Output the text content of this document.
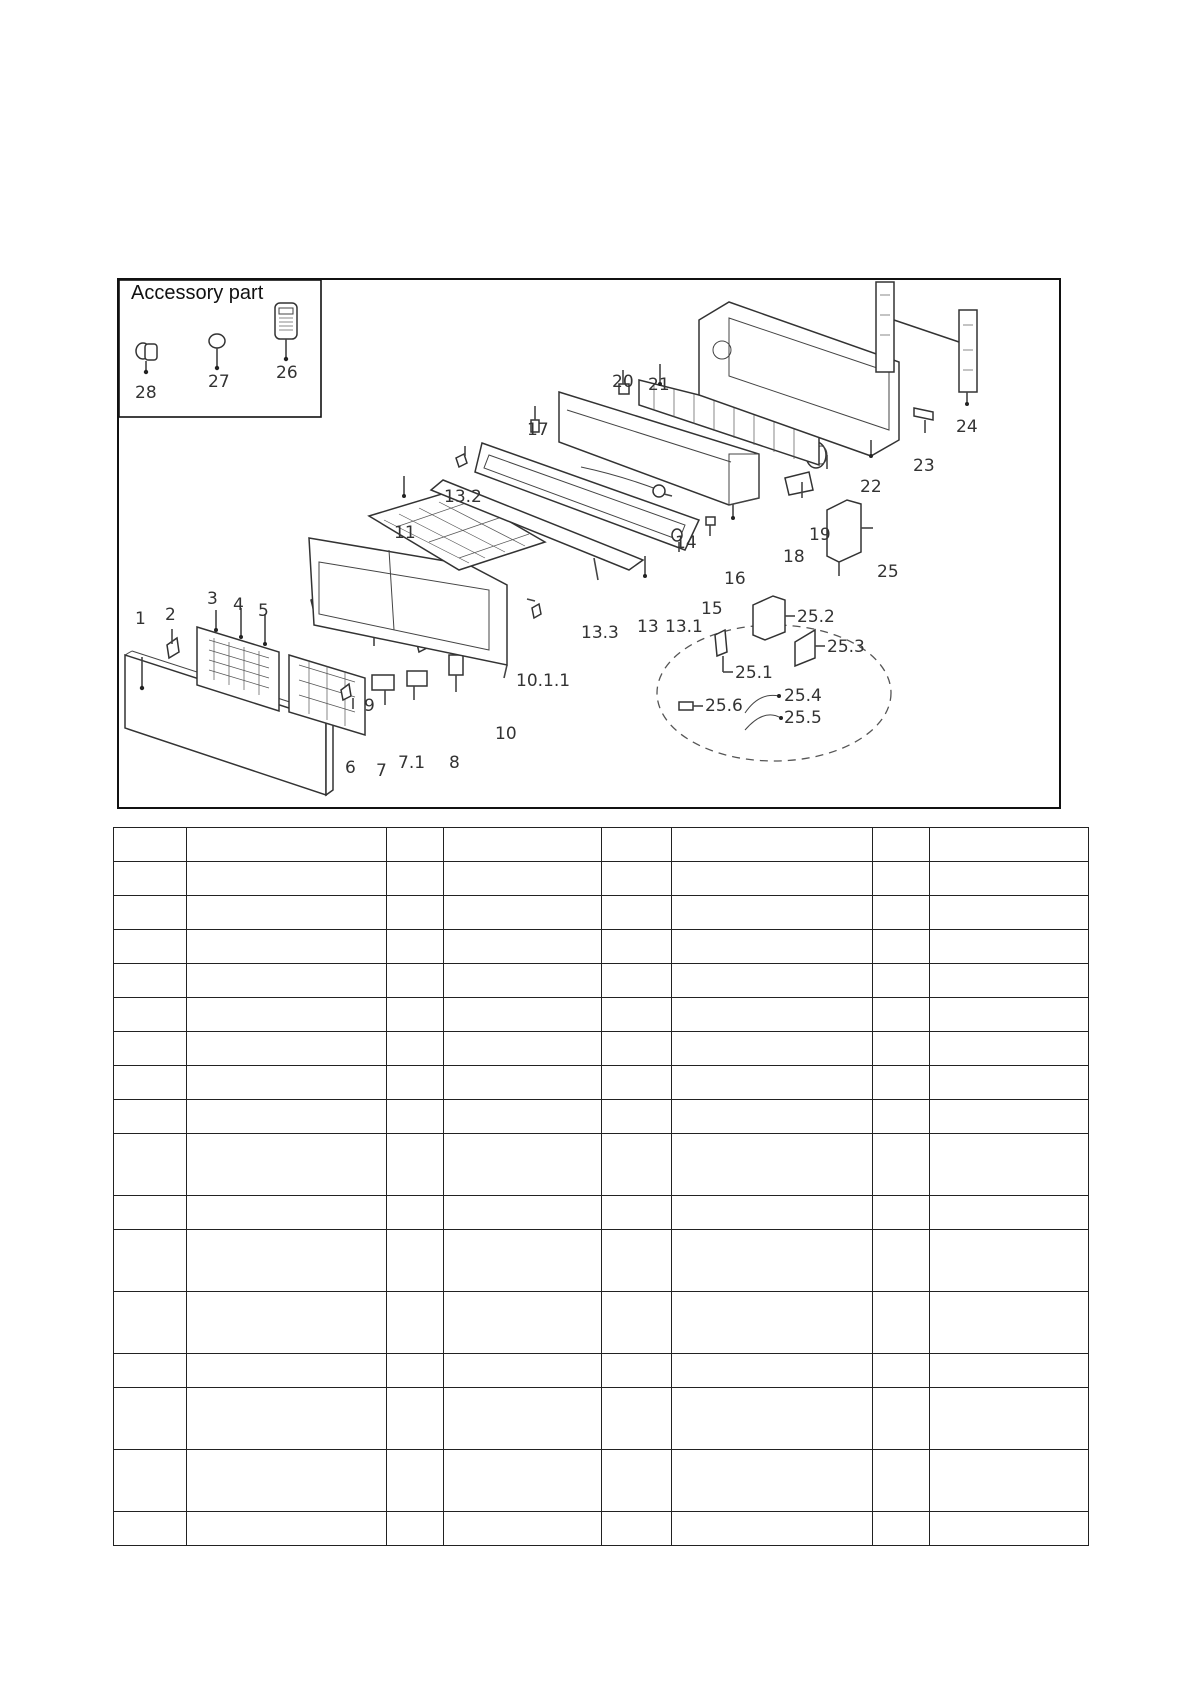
Accessory part
1 2
3 4 5
6 7 7.1 8
9
10
10.1.1
11
13 13.1
13.2
13.3
14
15
16
17
18
19
20 21
22
23
24
25
25.1
25.2
25.3
25.4
25.5
25.6
26
27
28
